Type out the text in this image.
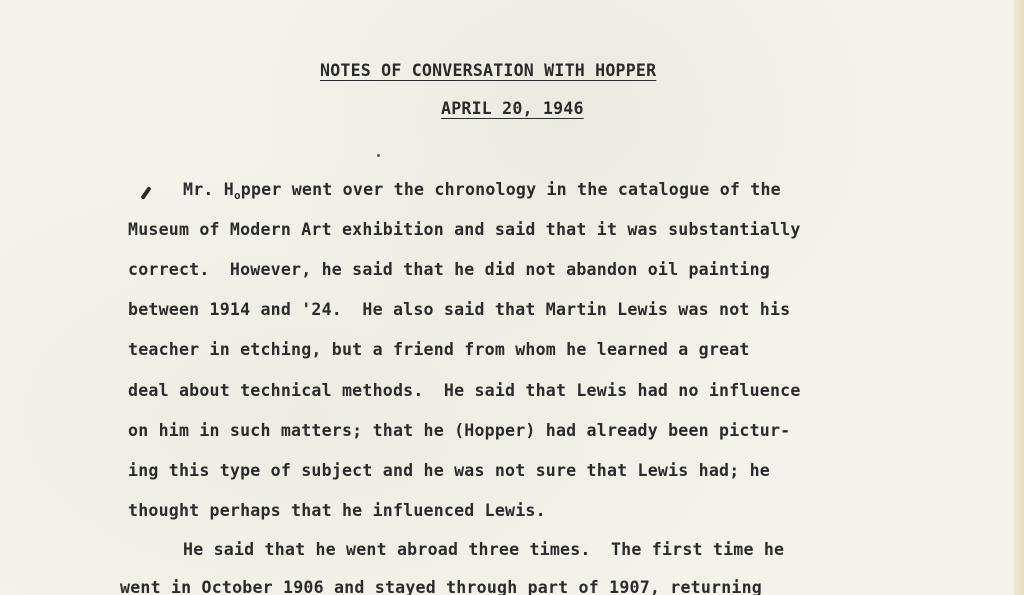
NOTES OF CONVERSATION WITH HOPPER
APRIL 20, 1946
Mr. $H_opper$ went over the chronology in the catalogue of the
Museum of Modern Art exhibition and said that it was substantially
correct.  However, he said that he did not abandon oil painting
between 1914 and '24.  He also said that Martin Lewis was not his
teacher in etching, but a friend from whom he learned a great
deal about technical methods.  He said that Lewis had no influence
on him in such matters; that he (Hopper) had already been pictur-
ing this type of subject and he was not sure that Lewis had; he
thought perhaps that he influenced Lewis.
He said that he went abroad three times.  The first time he
went in October 1906 and stayed through part of 1907, returning
